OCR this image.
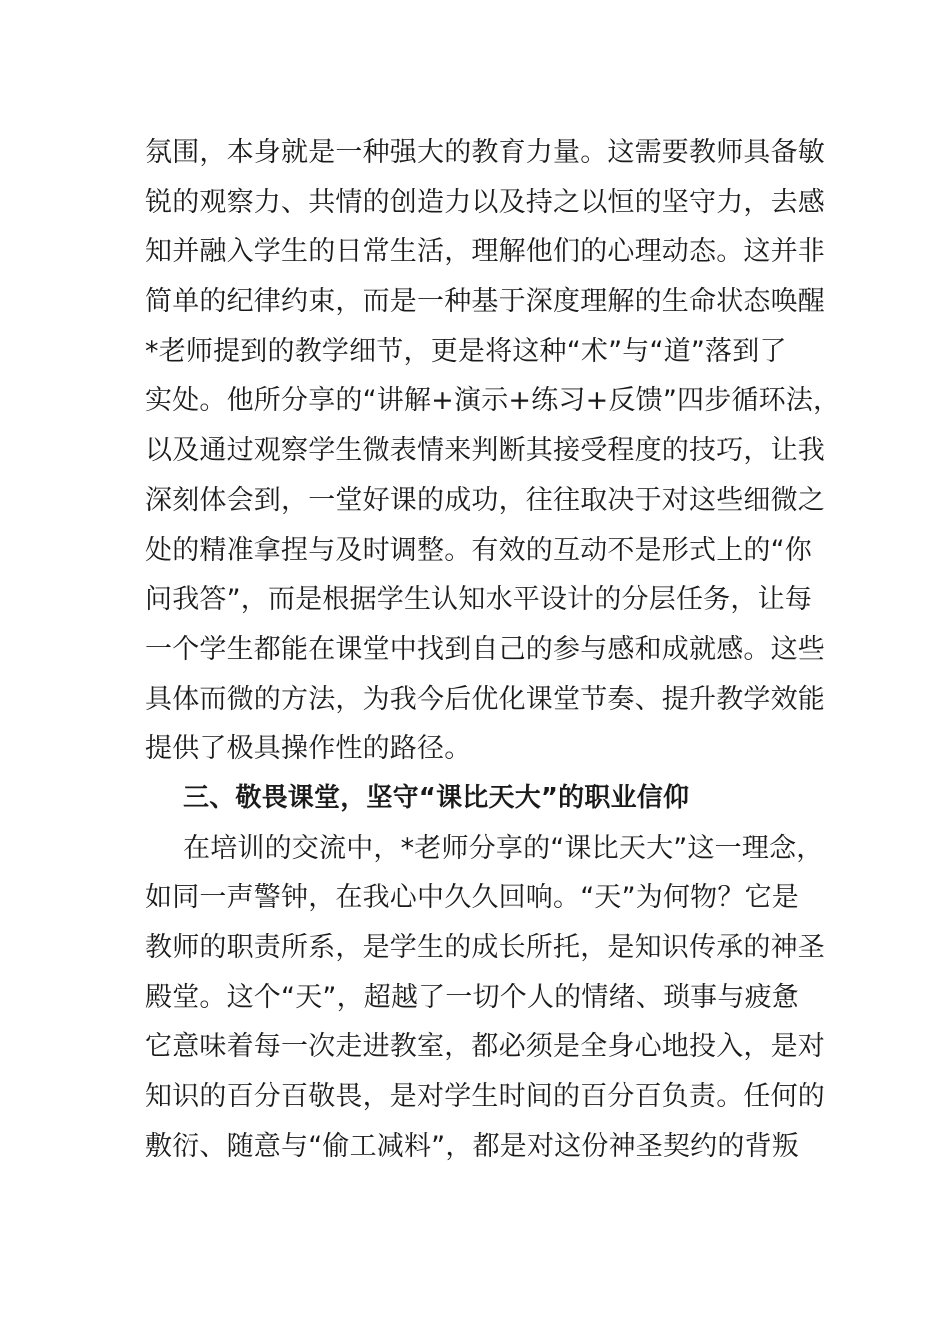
氛围，本身就是一种强大的教育力量。这需要教师具备敏
锐的观察力、共情的创造力以及持之以恒的坚守力，去感
知并融入学生的日常生活，理解他们的心理动态。这并非
简单的纪律约束，而是一种基于深度理解的生命状态唤醒
*老师提到的教学细节，更是将这种“术”与“道”落到了
实处。他所分享的“讲解+演示+练习+反馈”四步循环法，
以及通过观察学生微表情来判断其接受程度的技巧，让我
深刻体会到，一堂好课的成功，往往取决于对这些细微之
处的精准拿捏与及时调整。有效的互动不是形式上的“你
问我答”，而是根据学生认知水平设计的分层任务，让每
一个学生都能在课堂中找到自己的参与感和成就感。这些
具体而微的方法，为我今后优化课堂节奏、提升教学效能
提供了极具操作性的路径。
三、敬畏课堂，坚守“课比天大”的职业信仰
在培训的交流中，*老师分享的“课比天大”这一理念，
如同一声警钟，在我心中久久回响。“天”为何物？它是
教师的职责所系，是学生的成长所托，是知识传承的神圣
殿堂。这个“天”，超越了一切个人的情绪、琐事与疲惫
它意味着每一次走进教室，都必须是全身心地投入，是对
知识的百分百敬畏，是对学生时间的百分百负责。任何的
敷衍、随意与“偷工减料”，都是对这份神圣契约的背叛
